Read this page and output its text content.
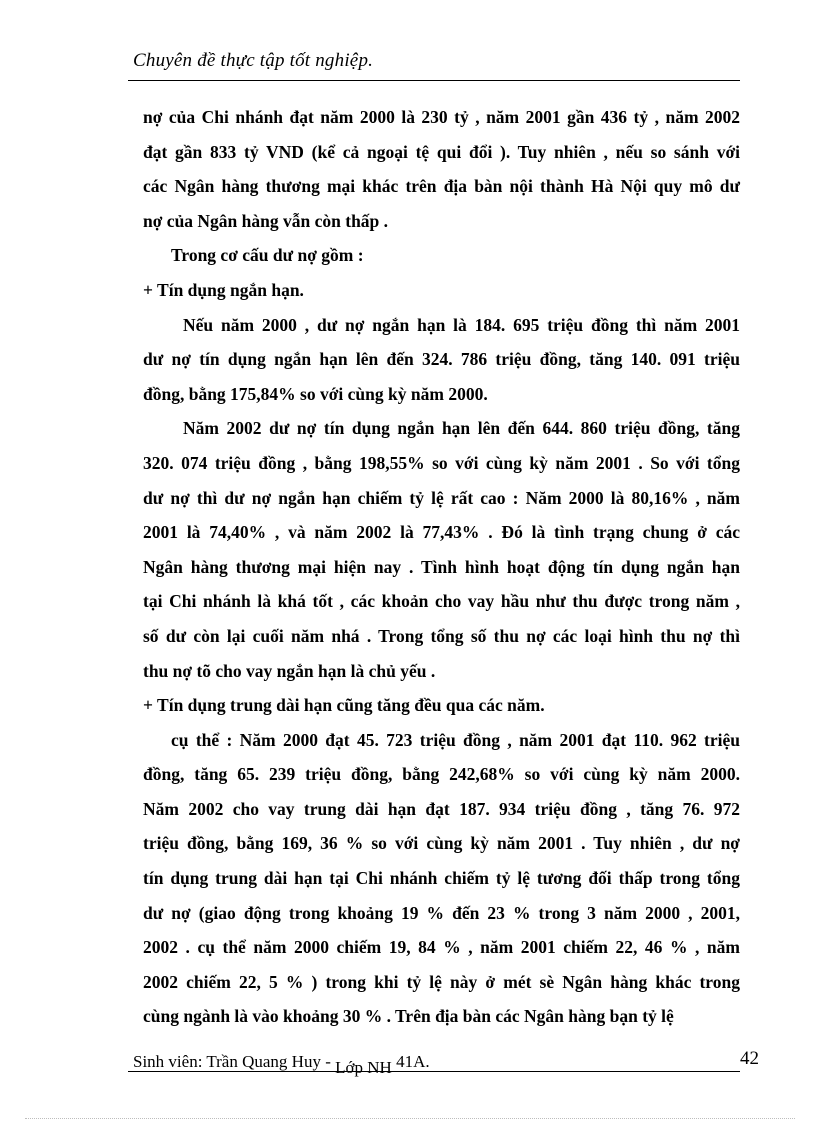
Chuyên đề thực tập tốt nghiệp.
nợ của Chi nhánh đạt năm 2000 là 230 tỷ , năm 2001 gần 436 tỷ , năm 2002
đạt gần 833 tỷ VND (kể cả ngoại tệ qui đổi ). Tuy nhiên , nếu so sánh với
các Ngân hàng thương mại khác trên địa bàn nội thành Hà Nội quy mô dư
nợ của Ngân hàng vẫn còn thấp .
Trong cơ cấu dư nợ gồm :
+ Tín dụng ngắn hạn.
Nếu năm 2000 , dư nợ ngắn hạn là 184. 695 triệu đồng thì năm 2001
dư nợ tín dụng ngắn hạn lên đến 324. 786 triệu đồng, tăng 140. 091 triệu
đồng, bằng 175,84% so với cùng kỳ năm 2000.
Năm 2002 dư nợ tín dụng ngắn hạn lên đến 644. 860 triệu đồng, tăng
320. 074 triệu đồng , bằng 198,55% so với cùng kỳ năm 2001 . So với tổng
dư nợ thì dư nợ ngắn hạn chiếm tỷ lệ rất cao : Năm 2000 là 80,16% , năm
2001 là 74,40% , và năm 2002 là 77,43% . Đó là tình trạng chung ở các
Ngân hàng thương mại hiện nay . Tình hình hoạt động tín dụng ngắn hạn
tại Chi nhánh là khá tốt , các khoản cho vay hầu như thu được trong năm ,
số dư còn lại cuối năm nhá . Trong tổng số thu nợ các loại hình thu nợ thì
thu nợ tõ cho vay ngắn hạn là chủ yếu .
+ Tín dụng trung dài hạn cũng tăng đều qua các năm.
cụ thể : Năm 2000 đạt 45. 723 triệu đồng , năm 2001 đạt 110. 962 triệu
đồng, tăng 65. 239 triệu đồng, bằng 242,68% so với cùng kỳ năm 2000.
Năm 2002 cho vay trung dài hạn đạt 187. 934 triệu đồng , tăng 76. 972
triệu đồng, bằng 169, 36 % so với cùng kỳ năm 2001 . Tuy nhiên , dư nợ
tín dụng trung dài hạn tại Chi nhánh chiếm tỷ lệ tương đối thấp trong tổng
dư nợ (giao động trong khoảng 19 % đến 23 % trong 3 năm 2000 , 2001,
2002 . cụ thể năm 2000 chiếm 19, 84 % , năm 2001 chiếm 22, 46 % , năm
2002 chiếm 22, 5 % ) trong khi tỷ lệ này ở mét sè Ngân hàng khác trong
cùng ngành là vào khoảng 30 % . Trên địa bàn các Ngân hàng bạn tỷ lệ
Sinh viên: Trần Quang Huy - Lớp NH 41A.	42
